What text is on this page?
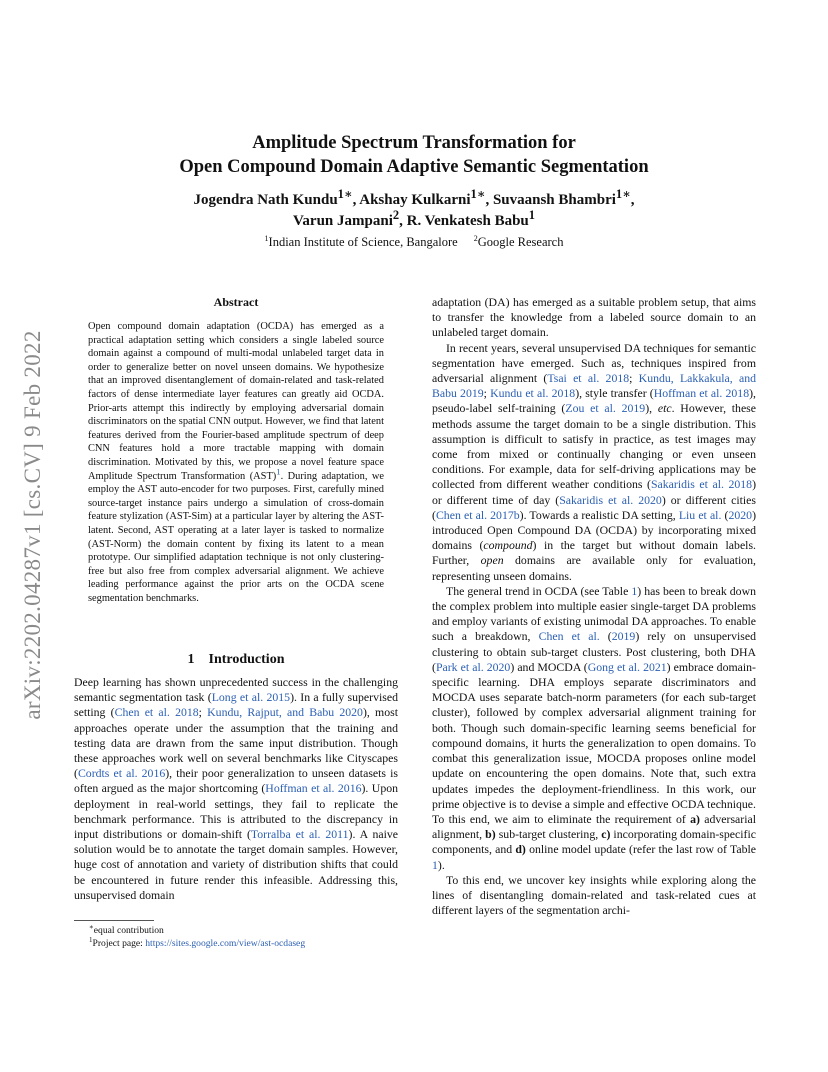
arXiv:2202.04287v1 [cs.CV] 9 Feb 2022
Amplitude Spectrum Transformation for
Open Compound Domain Adaptive Semantic Segmentation
Jogendra Nath Kundu$^{1∗}$, Akshay Kulkarni$^{1∗}$, Suvaansh Bhambri$^{1∗}$,
Varun Jampani$^2$, R. Venkatesh Babu$^1$
$^1$Indian Institute of Science, Bangalore $^2$Google Research
Abstract
Open compound domain adaptation (OCDA) has emerged as a practical adaptation setting which considers a single labeled source domain against a compound of multi-modal unlabeled target data in order to generalize better on novel unseen domains. We hypothesize that an improved disentanglement of domain-related and task-related factors of dense intermediate layer features can greatly aid OCDA. Prior-arts attempt this indirectly by employing adversarial domain discriminators on the spatial CNN output. However, we find that latent features derived from the Fourier-based amplitude spectrum of deep CNN features hold a more tractable mapping with domain discrimination. Motivated by this, we propose a novel feature space Amplitude Spectrum Transformation (AST)$^1$. During adaptation, we employ the AST auto-encoder for two purposes. First, carefully mined source-target instance pairs undergo a simulation of cross-domain feature stylization (AST-Sim) at a particular layer by altering the AST-latent. Second, AST operating at a later layer is tasked to normalize (AST-Norm) the domain content by fixing its latent to a mean prototype. Our simplified adaptation technique is not only clustering-free but also free from complex adversarial alignment. We achieve leading performance against the prior arts on the OCDA scene segmentation benchmarks.
1 Introduction
Deep learning has shown unprecedented success in the challenging semantic segmentation task (Long et al. 2015). In a fully supervised setting (Chen et al. 2018; Kundu, Rajput, and Babu 2020), most approaches operate under the assumption that the training and testing data are drawn from the same input distribution. Though these approaches work well on several benchmarks like Cityscapes (Cordts et al. 2016), their poor generalization to unseen datasets is often argued as the major shortcoming (Hoffman et al. 2016). Upon deployment in real-world settings, they fail to replicate the benchmark performance. This is attributed to the discrepancy in input distributions or domain-shift (Torralba et al. 2011). A naive solution would be to annotate the target domain samples. However, huge cost of annotation and variety of distribution shifts that could be encountered in future render this infeasible. Addressing this, unsupervised domain
∗equal contribution
$^1$Project page: https://sites.google.com/view/ast-ocdaseg

adaptation (DA) has emerged as a suitable problem setup, that aims to transfer the knowledge from a labeled source domain to an unlabeled target domain.

In recent years, several unsupervised DA techniques for semantic segmentation have emerged. Such as, techniques inspired from adversarial alignment (Tsai et al. 2018; Kundu, Lakkakula, and Babu 2019; Kundu et al. 2018), style transfer (Hoffman et al. 2018), pseudo-label self-training (Zou et al. 2019), etc. However, these methods assume the target domain to be a single distribution. This assumption is difficult to satisfy in practice, as test images may come from mixed or continually changing or even unseen conditions. For example, data for self-driving applications may be collected from different weather conditions (Sakaridis et al. 2018) or different time of day (Sakaridis et al. 2020) or different cities (Chen et al. 2017b). Towards a realistic DA setting, Liu et al. (2020) introduced Open Compound DA (OCDA) by incorporating mixed domains (compound) in the target but without domain labels. Further, open domains are available only for evaluation, representing unseen domains.

The general trend in OCDA (see Table 1) has been to break down the complex problem into multiple easier single-target DA problems and employ variants of existing unimodal DA approaches. To enable such a breakdown, Chen et al. (2019) rely on unsupervised clustering to obtain sub-target clusters. Post clustering, both DHA (Park et al. 2020) and MOCDA (Gong et al. 2021) embrace domain-specific learning. DHA employs separate discriminators and MOCDA uses separate batch-norm parameters (for each sub-target cluster), followed by complex adversarial alignment training for both. Though such domain-specific learning seems beneficial for compound domains, it hurts the generalization to open domains. To combat this generalization issue, MOCDA proposes online model update on encountering the open domains. Note that, such extra updates impedes the deployment-friendliness. In this work, our prime objective is to devise a simple and effective OCDA technique. To this end, we aim to eliminate the requirement of a) adversarial alignment, b) sub-target clustering, c) incorporating domain-specific components, and d) online model update (refer the last row of Table 1).

To this end, we uncover key insights while exploring along the lines of disentangling domain-related and task-related cues at different layers of the segmentation archi-
